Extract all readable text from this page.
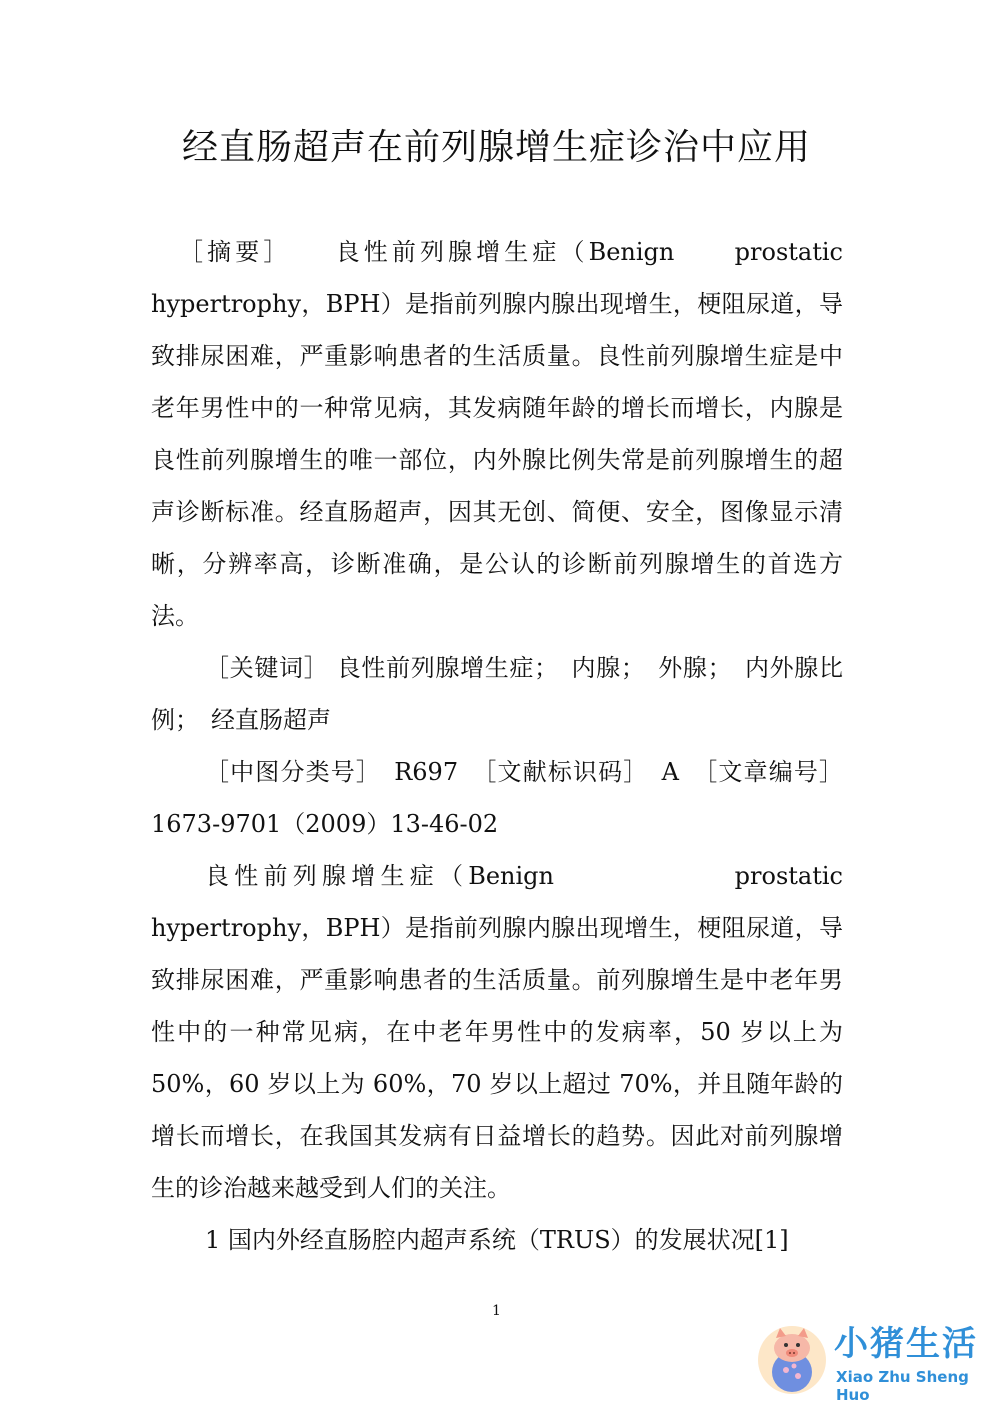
经直肠超声在前列腺增生症诊治中应用

［摘要］　　良性前列腺增生症（Benign　　prostatic hypertrophy，BPH）是指前列腺内腺出现增生，梗阻尿道，导致排尿困难，严重影响患者的生活质量。良性前列腺增生症是中老年男性中的一种常见病，其发病随年龄的增长而增长，内腺是良性前列腺增生的唯一部位，内外腺比例失常是前列腺增生的超声诊断标准。经直肠超声，因其无创、简便、安全，图像显示清晰，分辨率高，诊断准确，是公认的诊断前列腺增生的首选方法。

［关键词］ 良性前列腺增生症；　内腺；　外腺；　内外腺比例；　经直肠超声

［中图分类号］　R697　［文献标识码］　A　［文章编号］1673-9701（2009）13-46-02

良性前列腺增生症（Benign　　　　　　prostatic hypertrophy，BPH）是指前列腺内腺出现增生，梗阻尿道，导致排尿困难，严重影响患者的生活质量。前列腺增生是中老年男性中的一种常见病，在中老年男性中的发病率，50 岁以上为 50%，60 岁以上为 60%，70 岁以上超过 70%，并且随年龄的增长而增长，在我国其发病有日益增长的趋势。因此对前列腺增生的诊治越来越受到人们的关注。

1 国内外经直肠腔内超声系统（TRUS）的发展状况[1]

1
小猪生活
Xiao Zhu Sheng Huo
